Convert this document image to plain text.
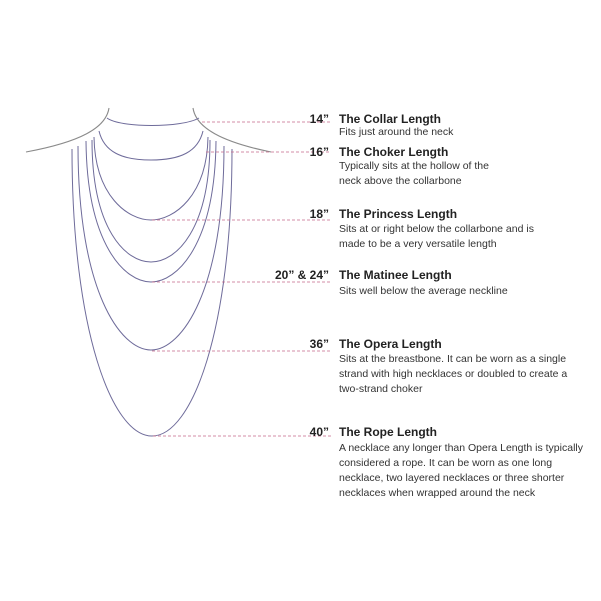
14” The Collar Length
Fits just around the neck
16” The Choker Length
Typically sits at the hollow of the neck above the collarbone
18” The Princess Length
Sits at or right below the collarbone and is made to be a very versatile length
20” & 24” The Matinee Length
Sits well below the average neckline
36” The Opera Length
Sits at the breastbone. It can be worn as a single strand with high necklaces or doubled to create a two-strand choker
40” The Rope Length
A necklace any longer than Opera Length is typically considered a rope. It can be worn as one long necklace, two layered necklaces or three shorter necklaces when wrapped around the neck
